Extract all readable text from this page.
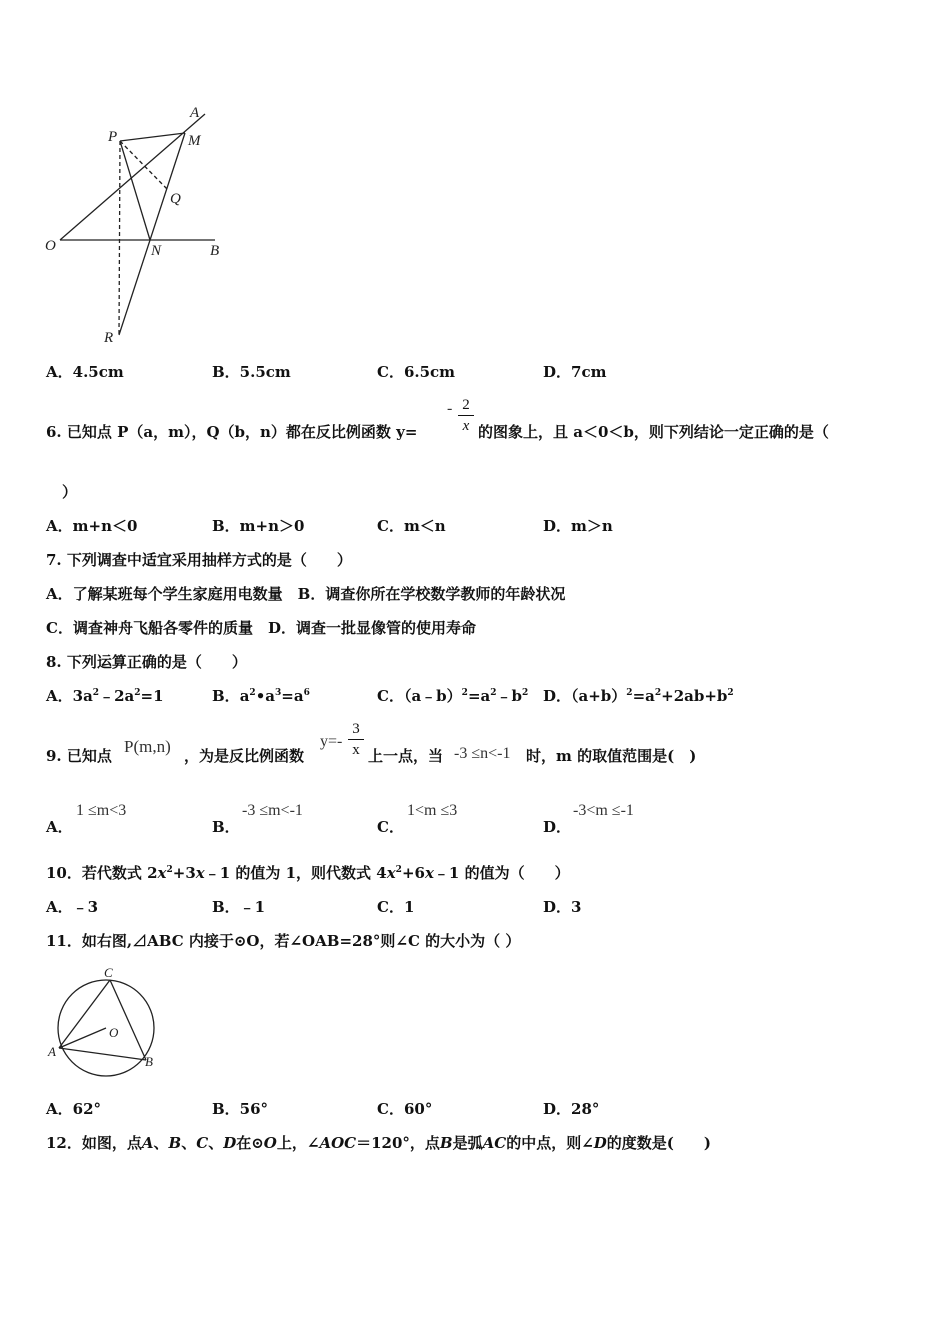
A
M
P
Q
O	N	B
R
A．4.5cm	B．5.5cm	C．6.5cm	D．7cm
6. 已知点 P（a，m），Q（b，n）都在反比例函数 y=
- 2
x 的图象上，且 a＜0＜b，则下列结论一定正确的是（
）
A．m+n＜0	B．m+n＞0	C．m＜n	D．m＞n
7. 下列调查中适宜采用抽样方式的是（　　）
A．了解某班每个学生家庭用电数量　B．调查你所在学校数学教师的年龄状况
C．调查神舟飞船各零件的质量　D．调查一批显像管的使用寿命
8. 下列运算正确的是（　　）
A．$3a^2﹣2a^2=1$	B．$a^2•a^3=a^6$	C．$(a﹣b)^2=a^2﹣b^2$ D．$(a+b)^2=a^2+2ab+b^2$
9. 已知点 P(m,n) ，为是反比例函数
y=-
3
x 上一点，当 -3 ≤n<-1 时，m 的取值范围是(　)
A．
1 ≤m<3
B．
-3 ≤m<-1
C．
1<m ≤3
D．
-3<m ≤-1
10．若代数式 $2x^2+3x﹣1$ 的值为 1，则代数式 $4x^2+6x﹣1$ 的值为（　　）
A．﹣3	B．﹣1	C．1	D．3
11．如右图,⊿ABC 内接于⊙O，若∠OAB=28°则∠C 的大小为（ ）
C
O
A
B
A．62°	B．56°	C．60°	D．28°
12．如图，点A、B、C、D在⊙O上，∠AOC＝120°，点B是弧AC的中点，则∠D的度数是(　　)
